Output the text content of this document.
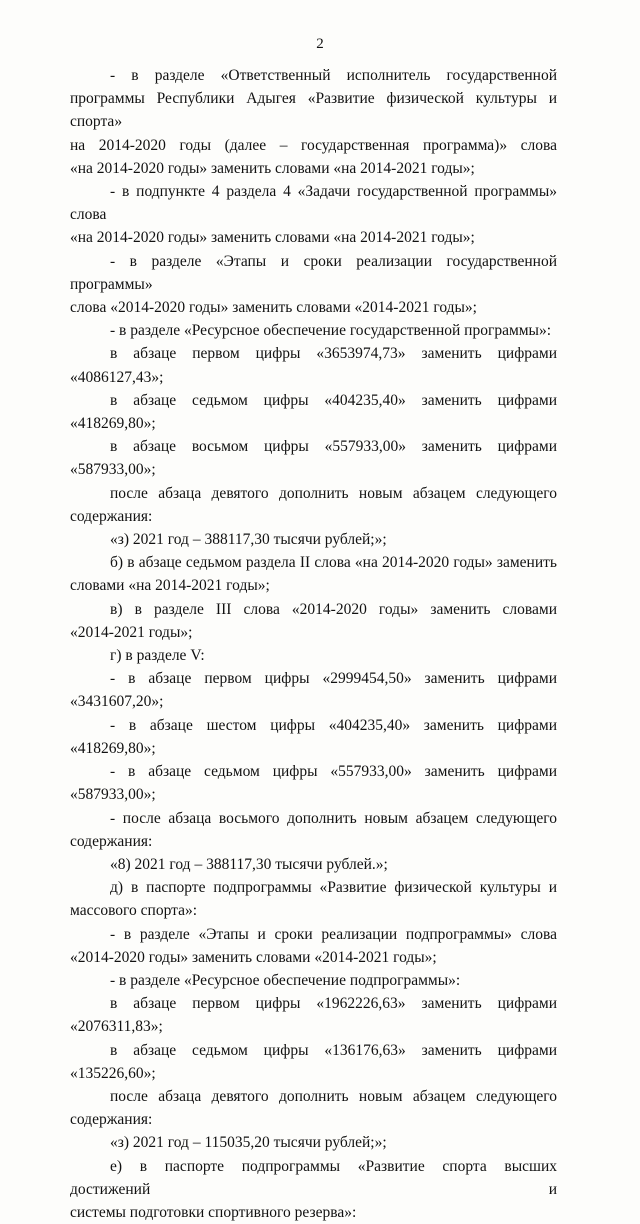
2
- в разделе «Ответственный исполнитель государственной
программы Республики Адыгея «Развитие физической культуры и спорта»
на 2014-2020 годы (далее – государственная программа)» слова
«на 2014-2020 годы» заменить словами «на 2014-2021 годы»;
- в подпункте 4 раздела 4 «Задачи государственной программы» слова
«на 2014-2020 годы» заменить словами «на 2014-2021 годы»;
- в разделе «Этапы и сроки реализации государственной программы»
слова «2014-2020 годы» заменить словами «2014-2021 годы»;
- в разделе «Ресурсное обеспечение государственной программы»:
в абзаце первом цифры «3653974,73» заменить цифрами
«4086127,43»;
в абзаце седьмом цифры «404235,40» заменить цифрами
«418269,80»;
в абзаце восьмом цифры «557933,00» заменить цифрами
«587933,00»;
после абзаца девятого дополнить новым абзацем следующего
содержания:
«з) 2021 год – 388117,30 тысячи рублей;»;
б) в абзаце седьмом раздела II слова «на 2014-2020 годы» заменить
словами «на 2014-2021 годы»;
в) в разделе III слова «2014-2020 годы» заменить словами
«2014-2021 годы»;
г) в разделе V:
- в абзаце первом цифры «2999454,50» заменить цифрами
«3431607,20»;
- в абзаце шестом цифры «404235,40» заменить цифрами
«418269,80»;
- в абзаце седьмом цифры «557933,00» заменить цифрами
«587933,00»;
- после абзаца восьмого дополнить новым абзацем следующего
содержания:
«8) 2021 год – 388117,30 тысячи рублей.»;
д) в паспорте подпрограммы «Развитие физической культуры и
массового спорта»:
- в разделе «Этапы и сроки реализации подпрограммы» слова
«2014-2020 годы» заменить словами «2014-2021 годы»;
- в разделе «Ресурсное обеспечение подпрограммы»:
в абзаце первом цифры «1962226,63» заменить цифрами
«2076311,83»;
в абзаце седьмом цифры «136176,63» заменить цифрами
«135226,60»;
после абзаца девятого дополнить новым абзацем следующего
содержания:
«з) 2021 год – 115035,20 тысячи рублей;»;
е) в паспорте подпрограммы «Развитие спорта высших достижений и
системы подготовки спортивного резерва»:
